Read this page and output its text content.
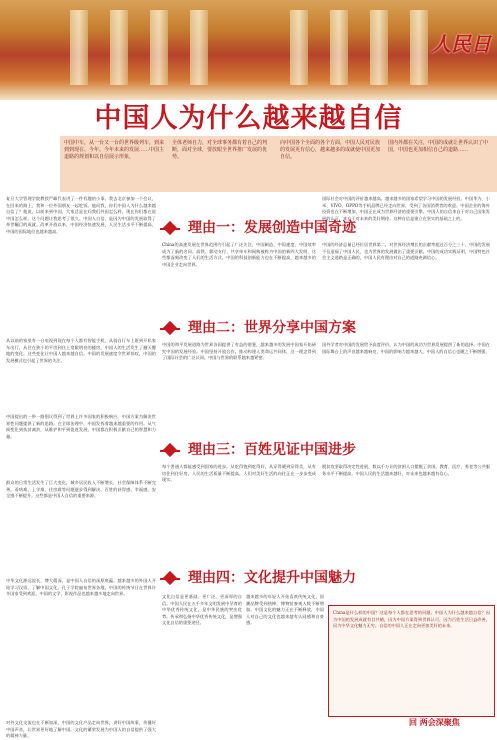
人民日
中国人为什么越来越自信
中国中车，从一台又一台的世界级列车，到来到到现在、今年、今年未来的发展……中国主道路的规划和以自信展示形象，
全体老师自力，对全球事务都有着自己的判断，面对全球，要放眼全世界推广发展的优势。
向中国各个全面的各个方面，中国人民对民族的发展更有信心，越来越多的成就使中国更加自信。
国内外都在关注，中国的成就让世界认识了中国，中国也更加相信自己的道路……
复旦大学管理学院教授严峰代表讲了一件有趣的小事。我去北京参加一个会议，在回来的路上，我和一位外国朋友一起吃饭。他问我，你们中国人为什么越来越自信了？他说，以前来到中国，大家总是在问我们外国怎么样，现在你们都在说中国怎么样。这个问题让我思考了很久。中国人自信，是因为中国的发展取得了举世瞩目的成就。改革开放以来，中国经济快速发展，人民生活水平不断提高，中国的国际地位也越来越高。	理由一：发展创造中国奇迹
从以前的家里有一台电视到现在每个人都有智能手机，从骑自行车上班到开私家车出行，从住在狭小的平房到住上宽敞明亮的楼房，中国人的生活发生了翻天覆地的变化。这些变化让中国人越来越自信。中国的发展速度令世界惊叹，中国的发展模式也引起了世界的关注。
China的高速发展在世界范围内引起了广泛关注，中国制造、中国速度、中国效率成为了新的名词。高铁、移动支付、共享单车和网购被称为中国的新四大发明，这些都深刻改变了人们的生活方式。中国的科技创新能力也在不断提高，越来越多的中国企业走向世界。
中国的经济总量已经位居世界第二，对世界经济增长的贡献率超过百分之三十。中国的发展不仅造福了中国人民，也为世界的发展做出了重要贡献。中国的成功实践证明，中国特色社会主义道路是正确的，中国人民有理由对自己的道路充满信心。
国际社会对中国的评价越来越高。越来越多的国家希望学习中国的发展经验。中国华为、小米、VIVO、OPPO等手机品牌已经走向世界，受到了各国消费者的欢迎。中国企业的海外投资也在不断增加，中国正在成为世界经济的重要引擎。中国人的自信来自于对自己国家发展的认可，来自于对未来的美好期待。这种自信是建立在坚实的基础之上的。
理由二：世界分享中国方案
中国提出的一带一路倡议得到了世界上许多国家的积极响应。中国方案为解决世界性问题提供了新的思路。在全球治理中，中国发挥着越来越重要的作用。从气候变化到扶贫减贫，从维护和平到促进发展，中国都在积极贡献自己的智慧和力量。
中国的和平发展道路为世界各国提供了有益的借鉴，越来越多的发展中国家开始研究中国的发展经验。中国坚持开放合作，推动构建人类命运共同体，这一理念得到了国际社会的广泛认同。中国与世界的联系越来越紧密。
国外学者对中国的发展给予高度评价，认为中国的成功为世界发展提供了新的选择。中国在国际舞台上的声音越来越响亮，中国的影响力越来越大，中国人的自信心也随之不断增强。
理由三：百姓见证中国进步
群众的日常生活发生了巨大变化，城乡居民收入不断增长，社会保障体系不断完善。看病难、上学难、住房难等问题逐步得到解决。百姓的获得感、幸福感、安全感不断提升。这些都是中国人自信的重要来源。
每个普通人都能感受到国家的进步。从吃得饱到吃得好，从穿得暖到穿得美，从有房住到住好房，人民的生活质量不断提高。人们对美好生活的向往正在一步步变成现实。
脱贫攻坚取得决定性进展，数以千万计的贫困人口摆脱了贫困。教育、医疗、养老等公共服务水平不断提高。中国人民的生活越来越好，对未来也越来越有信心。
理由四：文化提升中国魅力
中华文化源远流长、博大精深，是中国人自信的深厚底蕴。越来越多的外国人开始学习汉语，了解中国文化。孔子学院遍布世界各地，中国的传统节日在世界许多国家受到欢迎。中国的文学、影视作品也越来越多地走向世界。
文化自信是更基础、更广泛、更深厚的自信。中国人民在五千多年文明发展中孕育的中华优秀传统文化，是中华民族的突出优势。传承和弘扬中华优秀传统文化，是增强文化自信的重要途径。
越来越多的年轻人开始喜欢传统文化，国潮品牌受到热捧，博物馆参观人数不断增加。中国文化的魅力正在不断释放，中国人对自己的文化也越来越有认同感和自豪感。
对外文化交流也在不断加深，中国的文化产品走向世界，讲好中国故事，传播好中国声音，让世界更好地了解中国。文化的繁荣发展为中国人的自信提供了强大的精神力量。
China是什么样的中国？这是每个人都在思考的问题。中国人为什么越来越自信？因为中国的发展成就有目共睹，因为中国方案得到世界认可，因为百姓生活日益改善，因为中华文化魅力无穷。自信的中国人正在走向更加美好的未来。
回 两会深聚焦
